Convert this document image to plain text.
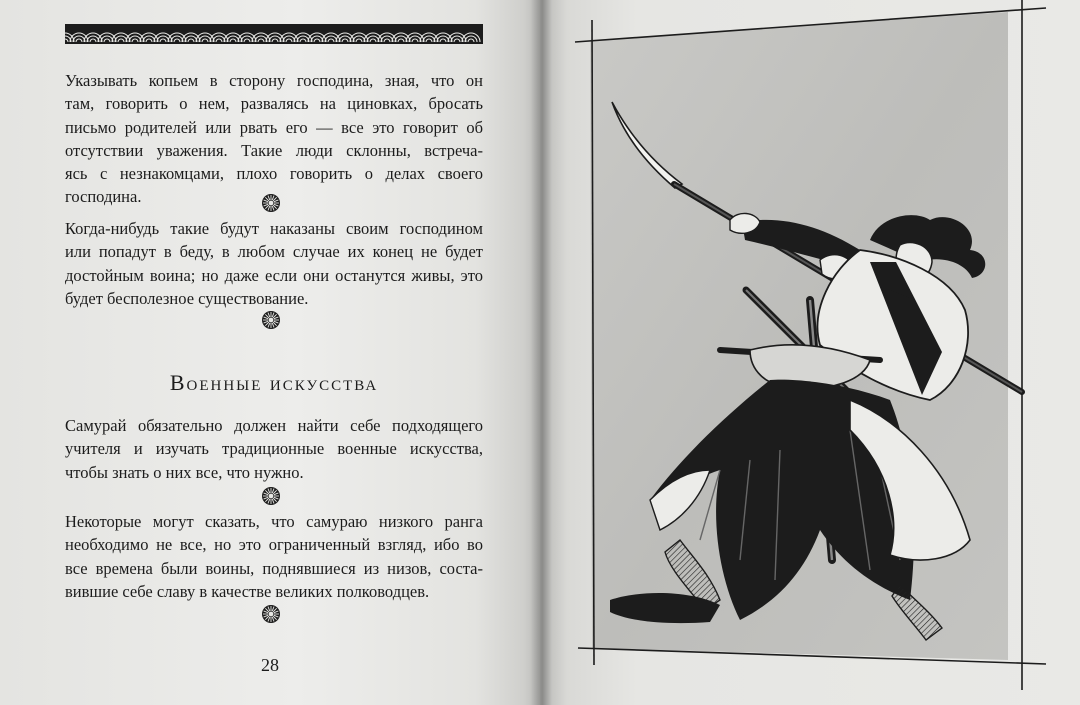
Указывать копьем в сторону господина, зная, что он
там, говорить о нем, развалясь на циновках, бросать
письмо родителей или рвать его — все это говорит об
отсутствии уважения. Такие люди склонны, встреча-
ясь с незнакомцами, плохо говорить о делах своего
господина.
Когда-нибудь такие будут наказаны своим господином
или попадут в беду, в любом случае их конец не будет
достойным воина; но даже если они останутся живы, это
будет бесполезное существование.
Военные искусства
Самурай обязательно должен найти себе подходящего
учителя и изучать традиционные военные искусства,
чтобы знать о них все, что нужно.
Некоторые могут сказать, что самураю низкого ранга
необходимо не все, но это ограниченный взгляд, ибо во
все времена были воины, поднявшиеся из низов, соста-
вившие себе славу в качестве великих полководцев.
28
